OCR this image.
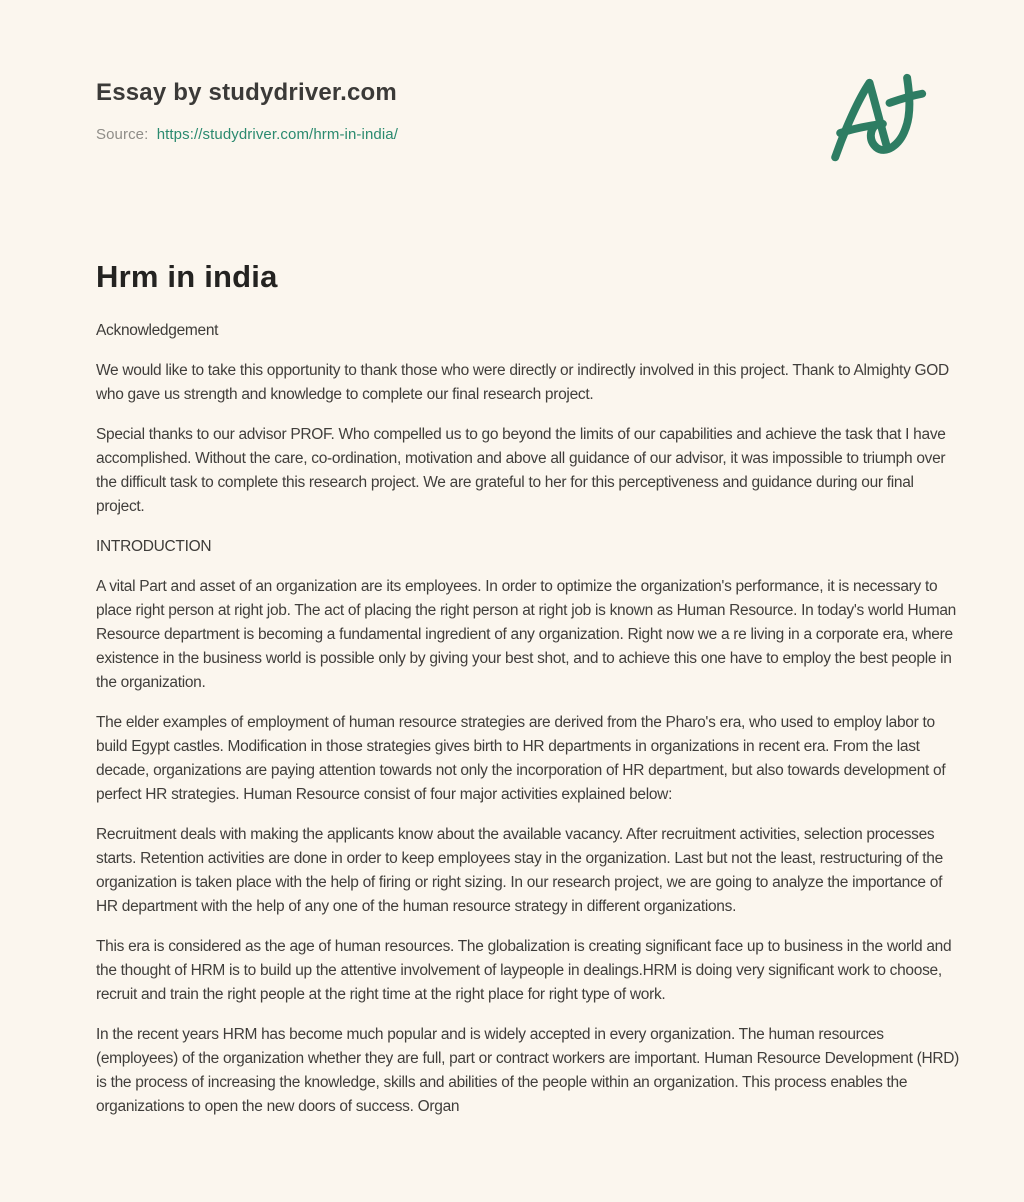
Essay by studydriver.com
Source: https://studydriver.com/hrm-in-india/
Hrm in india

Acknowledgement

We would like to take this opportunity to thank those who were directly or indirectly involved in this project. Thank to Almighty GOD who gave us strength and knowledge to complete our final research project.

Special thanks to our advisor PROF. Who compelled us to go beyond the limits of our capabilities and achieve the task that I have accomplished. Without the care, co-ordination, motivation and above all guidance of our advisor, it was impossible to triumph over the difficult task to complete this research project. We are grateful to her for this perceptiveness and guidance during our final project.

INTRODUCTION

A vital Part and asset of an organization are its employees. In order to optimize the organization's performance, it is necessary to place right person at right job. The act of placing the right person at right job is known as Human Resource. In today's world Human Resource department is becoming a fundamental ingredient of any organization. Right now we a re living in a corporate era, where existence in the business world is possible only by giving your best shot, and to achieve this one have to employ the best people in the organization.

The elder examples of employment of human resource strategies are derived from the Pharo's era, who used to employ labor to build Egypt castles. Modification in those strategies gives birth to HR departments in organizations in recent era. From the last decade, organizations are paying attention towards not only the incorporation of HR department, but also towards development of perfect HR strategies. Human Resource consist of four major activities explained below:

Recruitment deals with making the applicants know about the available vacancy. After recruitment activities, selection processes starts. Retention activities are done in order to keep employees stay in the organization. Last but not the least, restructuring of the organization is taken place with the help of firing or right sizing. In our research project, we are going to analyze the importance of HR department with the help of any one of the human resource strategy in different organizations.

This era is considered as the age of human resources. The globalization is creating significant face up to business in the world and the thought of HRM is to build up the attentive involvement of laypeople in dealings.HRM is doing very significant work to choose, recruit and train the right people at the right time at the right place for right type of work.

In the recent years HRM has become much popular and is widely accepted in every organization. The human resources (employees) of the organization whether they are full, part or contract workers are important. Human Resource Development (HRD) is the process of increasing the knowledge, skills and abilities of the people within an organization. This process enables the organizations to open the new doors of success. Organ
